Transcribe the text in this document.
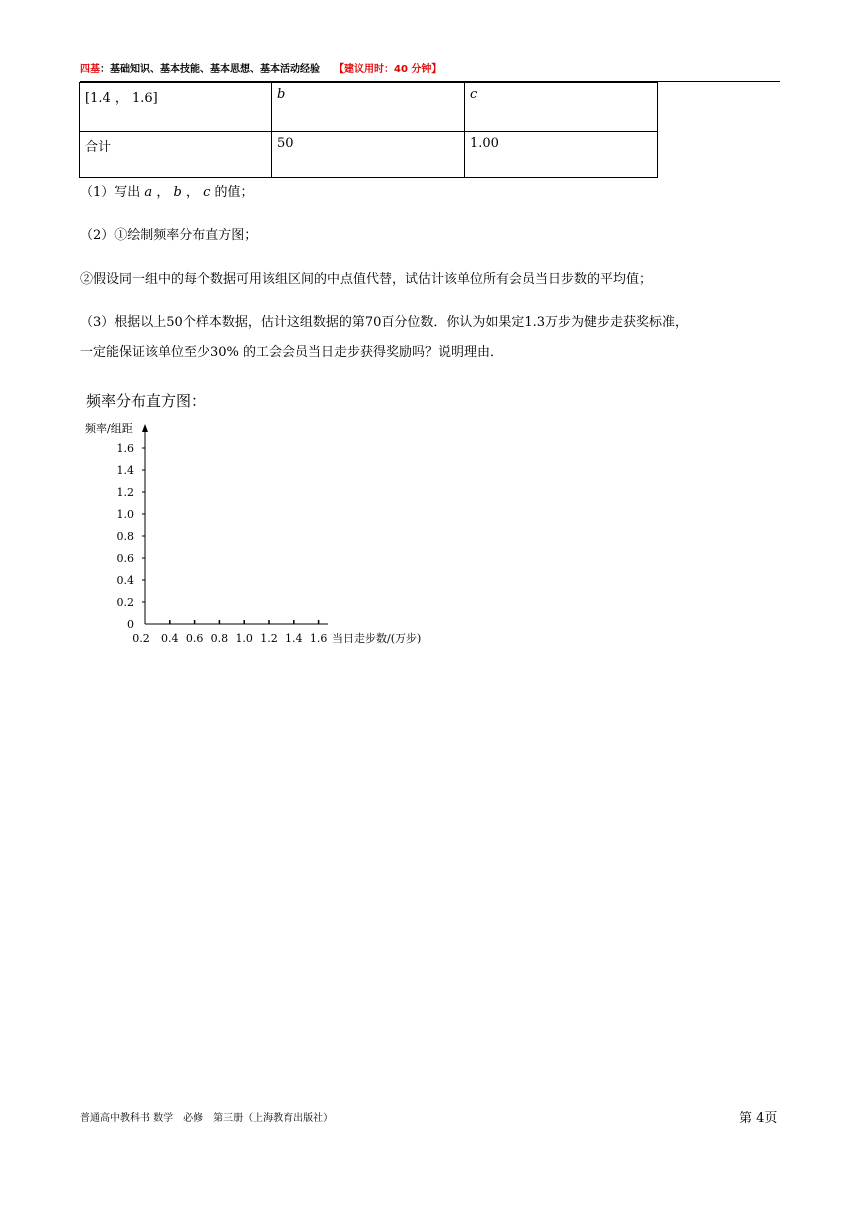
四基：基础知识、基本技能、基本思想、基本活动经验 【建议用时：40 分钟】
[1.4 ， 1.6]	b	c
合计	50	1.00
（1）写出 a ， b ， c 的值；
（2）①绘制频率分布直方图；
②假设同一组中的每个数据可用该组区间的中点值代替，试估计该单位所有会员当日步数的平均值；
（3）根据以上50个样本数据，估计这组数据的第70百分位数．你认为如果定1.3万步为健步走获奖标准，
一定能保证该单位至少30% 的工会会员当日走步获得奖励吗？说明理由．
频率分布直方图：
0
0.2
0.4
0.6
0.8
1.0
1.2
1.4
1.6
0.2 0.4 0.6 0.8 1.0 1.2 1.4 1.6
频率/组距
当日走步数/(万步)
普通高中教科书 数学　必修　第三册（上海教育出版社）	第 4页
